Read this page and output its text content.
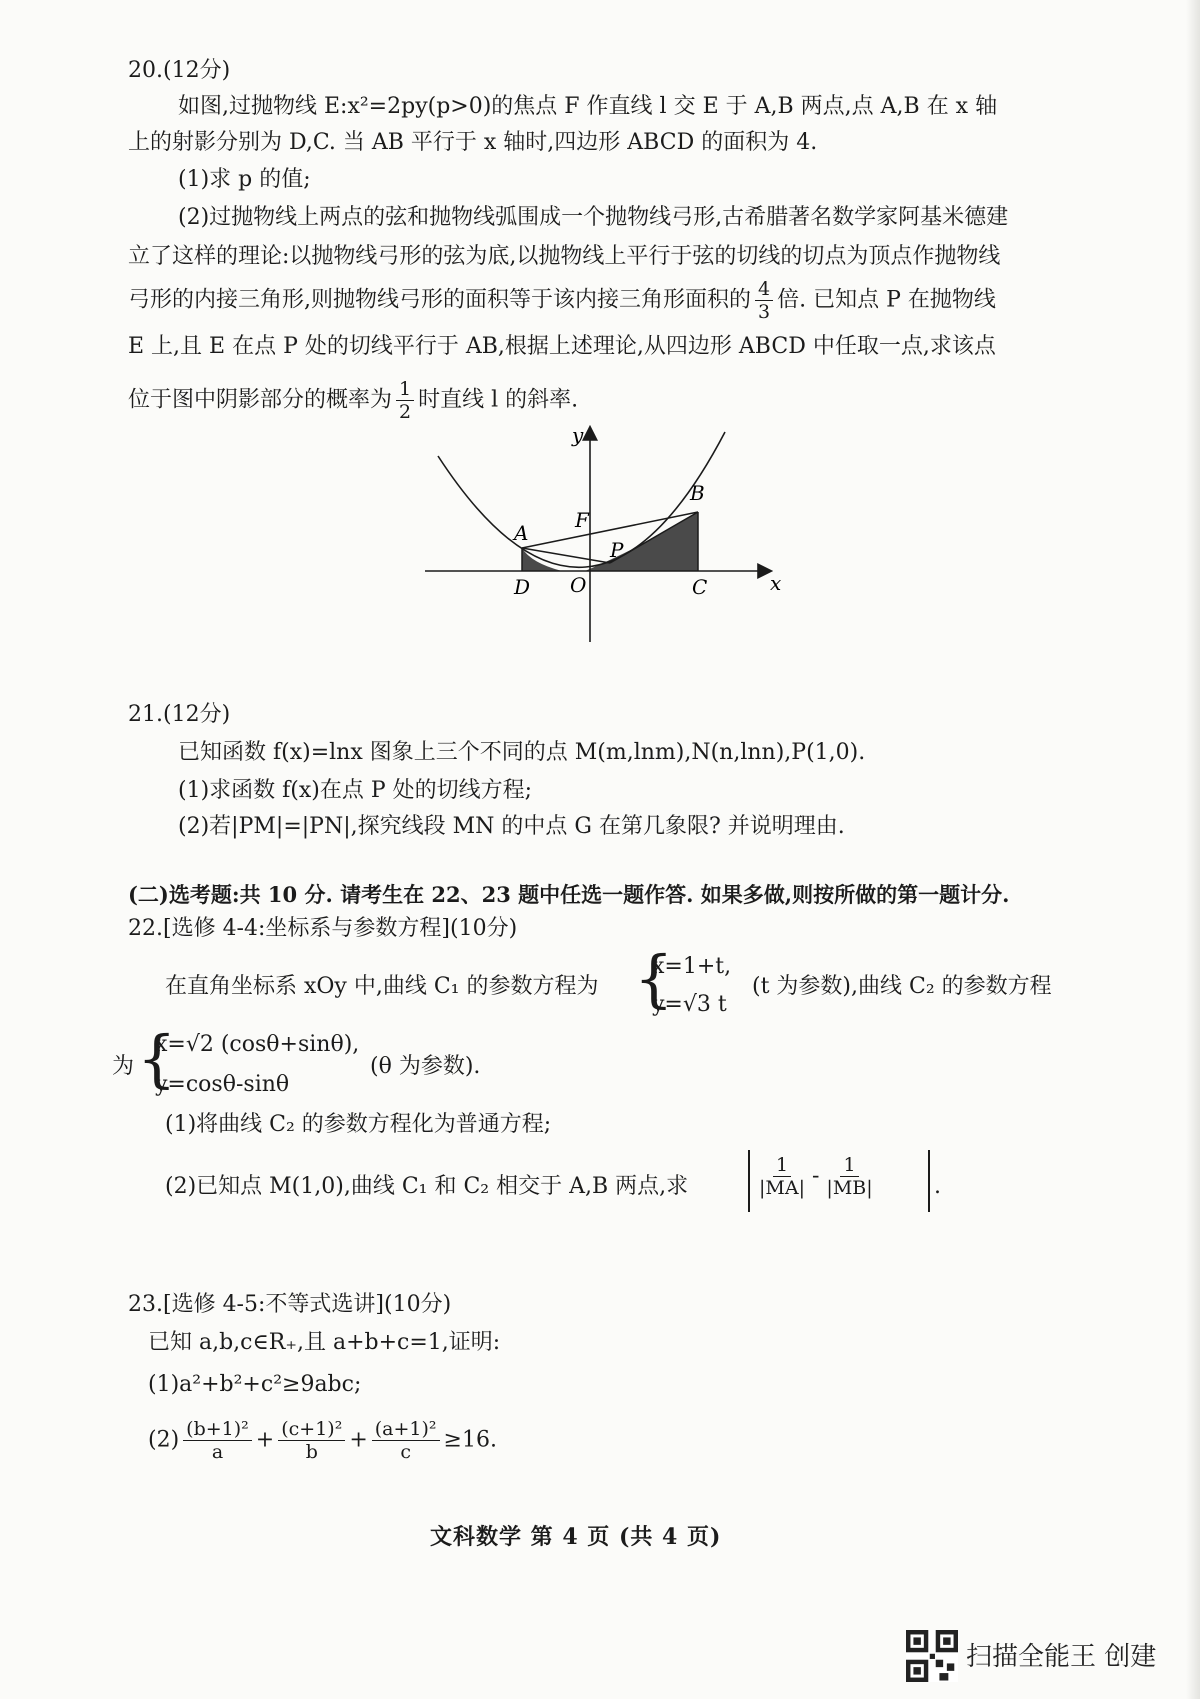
20.(12分)
如图,过抛物线 E:x²=2py(p>0)的焦点 F 作直线 l 交 E 于 A,B 两点,点 A,B 在 x 轴
上的射影分别为 D,C. 当 AB 平行于 x 轴时,四边形 ABCD 的面积为 4.
(1)求 p 的值;
(2)过抛物线上两点的弦和抛物线弧围成一个抛物线弓形,古希腊著名数学家阿基米德建
立了这样的理论:以抛物线弓形的弦为底,以抛物线上平行于弦的切线的切点为顶点作抛物线
弓形的内接三角形,则抛物线弓形的面积等于该内接三角形面积的 $\frac{4}{3}$ 倍. 已知点 P 在抛物线
E 上,且 E 在点 P 处的切线平行于 AB,根据上述理论,从四边形 ABCD 中任取一点,求该点
位于图中阴影部分的概率为 $\frac{1}{2}$ 时直线 l 的斜率.
y
x
O
A
B
C
D
F
P
21.(12分)
已知函数 f(x)=lnx 图象上三个不同的点 M(m,lnm),N(n,lnn),P(1,0).
(1)求函数 f(x)在点 P 处的切线方程;
(2)若|PM|=|PN|,探究线段 MN 的中点 G 在第几象限? 并说明理由.
(二)选考题:共 10 分. 请考生在 22、23 题中任选一题作答. 如果多做,则按所做的第一题计分.
22.[选修 4-4:坐标系与参数方程](10分)
在直角坐标系 xOy 中,曲线 C₁ 的参数方程为 {
x=1+t,
y=√3 t
(t 为参数),曲线 C₂ 的参数方程
为 {
x=√2 (cosθ+sinθ),
y=cosθ-sinθ
(θ 为参数).
(1)将曲线 C₂ 的参数方程化为普通方程;
(2)已知点 M(1,0),曲线 C₁ 和 C₂ 相交于 A,B 两点,求	$\frac{1}{|MA|} - \frac{1}{|MB|}$	.
23.[选修 4-5:不等式选讲](10分)
已知 a,b,c∈R₊,且 a+b+c=1,证明:
(1)a²+b²+c²≥9abc;
$(2) \frac{\text{(b+1)²}}{a} + \frac{\text{(c+1)²}}{b} + \frac{\text{(a+1)²}}{c} \ge 16$.
文科数学 第 4 页 (共 4 页)
扫描全能王 创建
